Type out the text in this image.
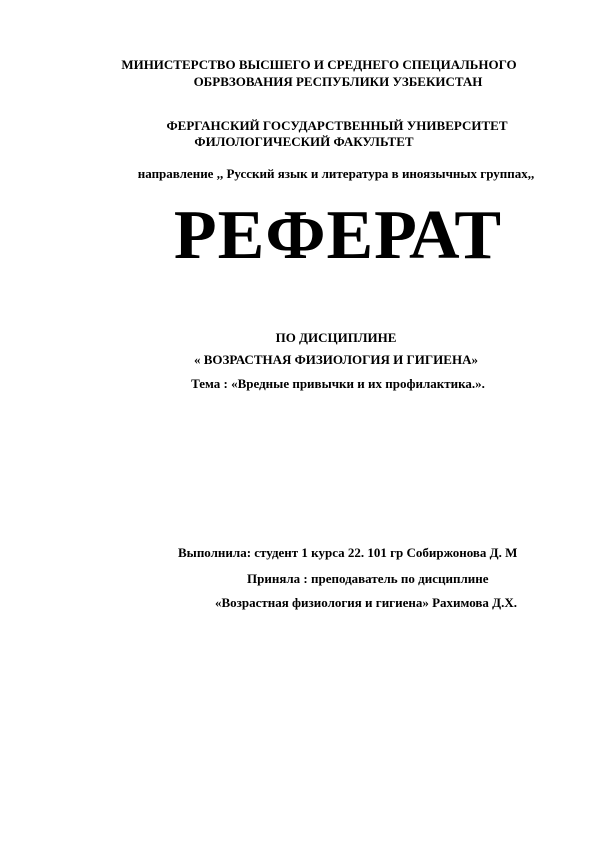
МИНИСТЕРСТВО ВЫСШЕГО И СРЕДНЕГО СПЕЦИАЛЬНОГО
ОБРВЗОВАНИЯ РЕСПУБЛИКИ УЗБЕКИСТАН
ФЕРГАНСКИЙ ГОСУДАРСТВЕННЫЙ УНИВЕРСИТЕТ
ФИЛОЛОГИЧЕСКИЙ ФАКУЛЬТЕТ
направление ,, Русский язык и литература в иноязычных группах,,
РЕФЕРАТ
ПО ДИСЦИПЛИНЕ
« ВОЗРАСТНАЯ ФИЗИОЛОГИЯ И ГИГИЕНА»
Тема : «Вредные привычки и их профилактика.».
Выполнила: студент 1 курса 22. 101 гр Собиржонова Д. М
Приняла : преподаватель по дисциплине
«Возрастная физиология и гигиена» Рахимова Д.Х.
